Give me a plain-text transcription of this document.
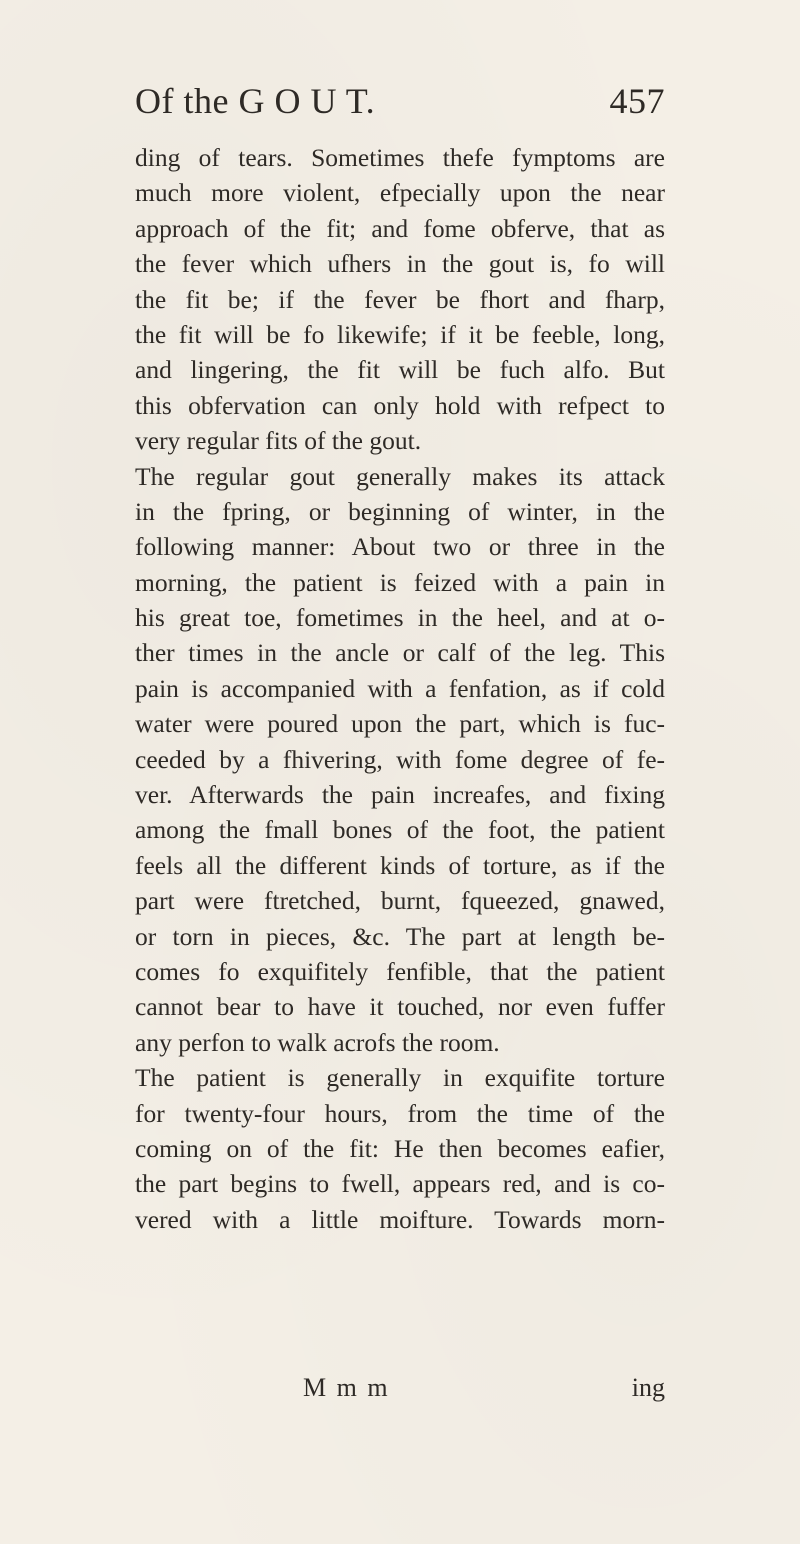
Of the G O U T.	457
ding of tears. Sometimes thefe fymptoms are
much more violent, efpecially upon the near
approach of the fit; and fome obferve, that as
the fever which ufhers in the gout is, fo will
the fit be; if the fever be fhort and fharp,
the fit will be fo likewife; if it be feeble, long,
and lingering, the fit will be fuch alfo. But
this obfervation can only hold with refpect to
very regular fits of the gout.
The regular gout generally makes its attack
in the fpring, or beginning of winter, in the
following manner: About two or three in the
morning, the patient is feized with a pain in
his great toe, fometimes in the heel, and at o-
ther times in the ancle or calf of the leg. This
pain is accompanied with a fenfation, as if cold
water were poured upon the part, which is fuc-
ceeded by a fhivering, with fome degree of fe-
ver. Afterwards the pain increafes, and fixing
among the fmall bones of the foot, the patient
feels all the different kinds of torture, as if the
part were ftretched, burnt, fqueezed, gnawed,
or torn in pieces, &c. The part at length be-
comes fo exquifitely fenfible, that the patient
cannot bear to have it touched, nor even fuffer
any perfon to walk acrofs the room.
The patient is generally in exquifite torture
for twenty-four hours, from the time of the
coming on of the fit: He then becomes eafier,
the part begins to fwell, appears red, and is co-
vered with a little moifture. Towards morn-
M m m	ing
